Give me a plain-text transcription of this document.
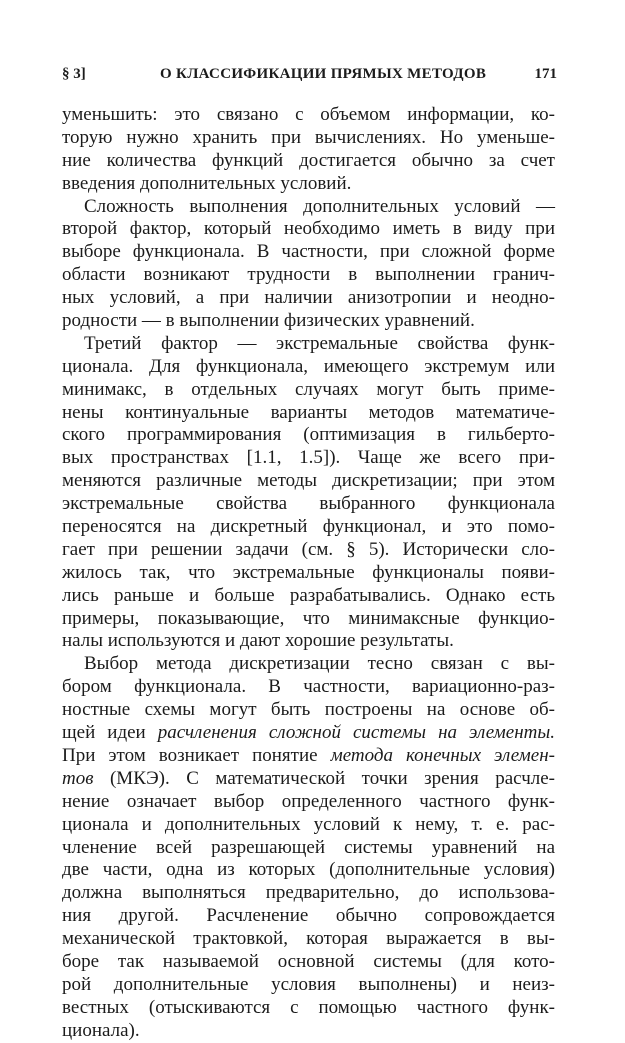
§ 3]	О КЛАССИФИКАЦИИ ПРЯМЫХ МЕТОДОВ	171
уменьшить: это связано с объемом информации, ко-
торую нужно хранить при вычислениях. Но уменьше-
ние количества функций достигается обычно за счет
введения дополнительных условий.
Сложность выполнения дополнительных условий —
второй фактор, который необходимо иметь в виду при
выборе функционала. В частности, при сложной форме
области возникают трудности в выполнении гранич-
ных условий, а при наличии анизотропии и неодно-
родности — в выполнении физических уравнений.
Третий фактор — экстремальные свойства функ-
ционала. Для функционала, имеющего экстремум или
минимакс, в отдельных случаях могут быть приме-
нены континуальные варианты методов математиче-
ского программирования (оптимизация в гильберто-
вых пространствах [1.1, 1.5]). Чаще же всего при-
меняются различные методы дискретизации; при этом
экстремальные свойства выбранного функционала
переносятся на дискретный функционал, и это помо-
гает при решении задачи (см. § 5). Исторически сло-
жилось так, что экстремальные функционалы появи-
лись раньше и больше разрабатывались. Однако есть
примеры, показывающие, что минимаксные функцио-
налы используются и дают хорошие результаты.
Выбор метода дискретизации тесно связан с вы-
бором функционала. В частности, вариационно-раз-
ностные схемы могут быть построены на основе об-
щей идеи расчленения сложной системы на элементы.
При этом возникает понятие метода конечных элемен-
тов (МКЭ). С математической точки зрения расчле-
нение означает выбор определенного частного функ-
ционала и дополнительных условий к нему, т. е. рас-
членение всей разрешающей системы уравнений на
две части, одна из которых (дополнительные условия)
должна выполняться предварительно, до использова-
ния другой. Расчленение обычно сопровождается
механической трактовкой, которая выражается в вы-
боре так называемой основной системы (для кото-
рой дополнительные условия выполнены) и неиз-
вестных (отыскиваются с помощью частного функ-
ционала).
